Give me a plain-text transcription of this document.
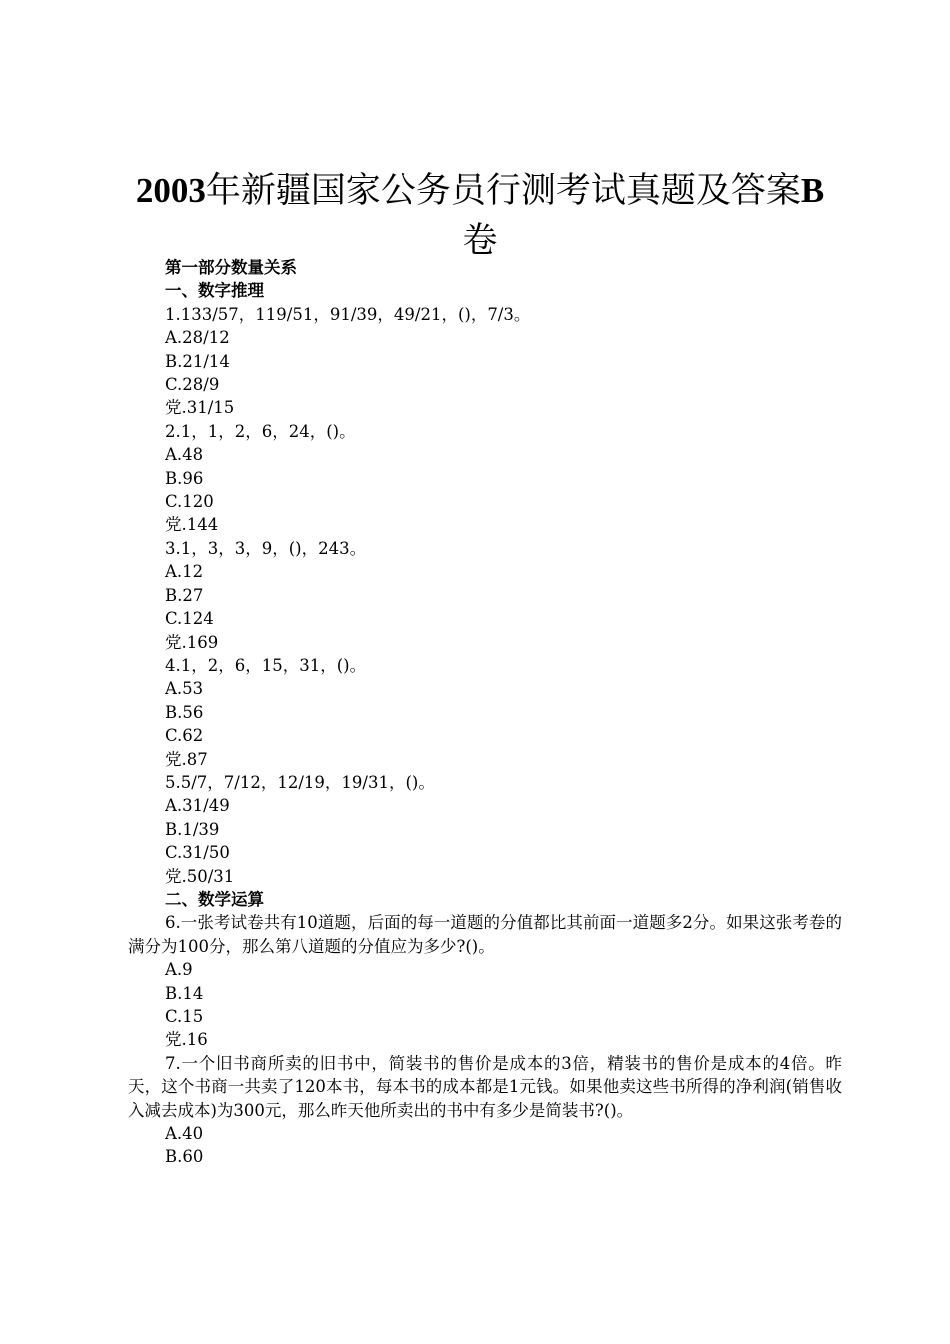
2003年新疆国家公务员行测考试真题及答案B
卷

第一部分数量关系

一、数字推理

1.133/57，119/51，91/39，49/21，()，7/3。

A.28/12

B.21/14

C.28/9

党.31/15

2.1，1，2，6，24，()。

A.48

B.96

C.120

党.144

3.1，3，3，9，()，243。

A.12

B.27

C.124

党.169

4.1，2，6，15，31，()。

A.53

B.56

C.62

党.87

5.5/7，7/12，12/19，19/31，()。

A.31/49

B.1/39

C.31/50

党.50/31

二、数学运算

6.一张考试卷共有10道题，后面的每一道题的分值都比其前面一道题多2分。如果这张考卷的满分为100分，那么第八道题的分值应为多少?()。

A.9

B.14

C.15

党.16

7.一个旧书商所卖的旧书中，简装书的售价是成本的3倍，精装书的售价是成本的4倍。昨天，这个书商一共卖了120本书，每本书的成本都是1元钱。如果他卖这些书所得的净利润(销售收入减去成本)为300元，那么昨天他所卖出的书中有多少是简装书?()。

A.40

B.60
